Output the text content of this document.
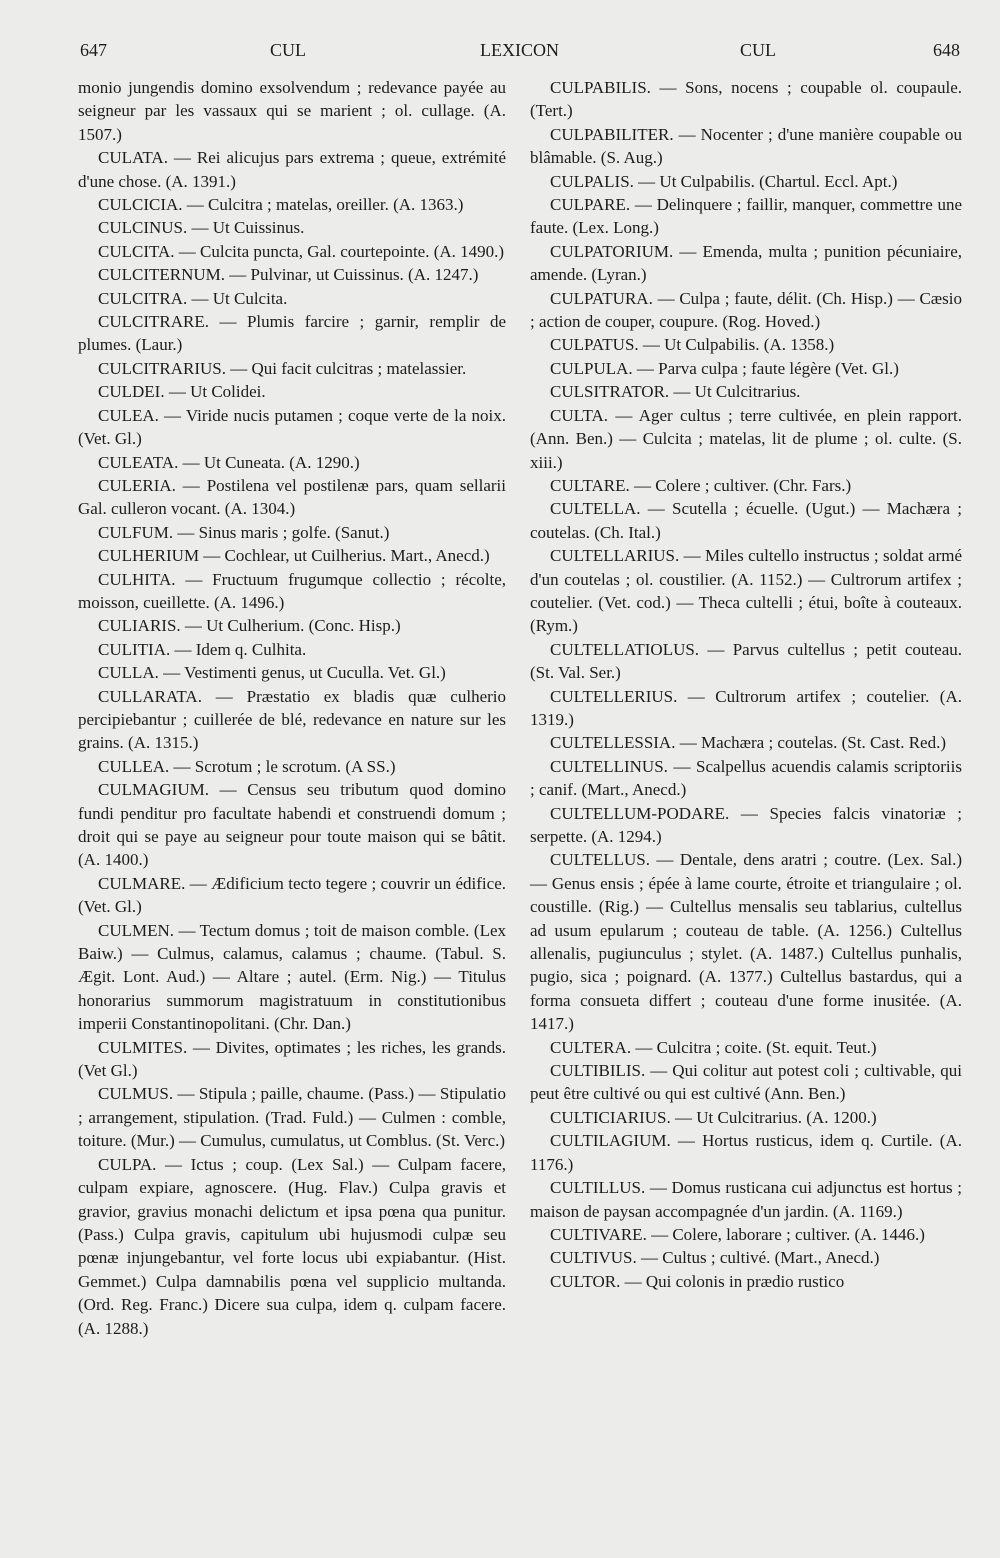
647	CUL	LEXICON	CUL	648

monio jungendis domino exsolvendum ; redevance payée au seigneur par les vassaux qui se marient ; ol. cullage. (A. 1507.)

CULATA. — Rei alicujus pars extrema ; queue, extrémité d'une chose. (A. 1391.)

CULCICIA. — Culcitra ; matelas, oreiller. (A. 1363.)

CULCINUS. — Ut Cuissinus.

CULCITA. — Culcita puncta, Gal. courtepointe. (A. 1490.)

CULCITERNUM. — Pulvinar, ut Cuissinus. (A. 1247.)

CULCITRA. — Ut Culcita.

CULCITRARE. — Plumis farcire ; garnir, remplir de plumes. (Laur.)

CULCITRARIUS. — Qui facit culcitras ; matelassier.

CULDEI. — Ut Colidei.

CULEA. — Viride nucis putamen ; coque verte de la noix. (Vet. Gl.)

CULEATA. — Ut Cuneata. (A. 1290.)

CULERIA. — Postilena vel postilenæ pars, quam sellarii Gal. culleron vocant. (A. 1304.)

CULFUM. — Sinus maris ; golfe. (Sanut.)

CULHERIUM — Cochlear, ut Cuilherius. Mart., Anecd.)

CULHITA. — Fructuum frugumque collectio ; récolte, moisson, cueillette. (A. 1496.)

CULIARIS. — Ut Culherium. (Conc. Hisp.)

CULITIA. — Idem q. Culhita.

CULLA. — Vestimenti genus, ut Cuculla. Vet. Gl.)

CULLARATA. — Præstatio ex bladis quæ culherio percipiebantur ; cuillerée de blé, redevance en nature sur les grains. (A. 1315.)

CULLEA. — Scrotum ; le scrotum. (A SS.)

CULMAGIUM. — Census seu tributum quod domino fundi penditur pro facultate habendi et construendi domum ; droit qui se paye au seigneur pour toute maison qui se bâtit. (A. 1400.)

CULMARE. — Ædificium tecto tegere ; couvrir un édifice. (Vet. Gl.)

CULMEN. — Tectum domus ; toit de maison comble. (Lex Baiw.) — Culmus, calamus, calamus ; chaume. (Tabul. S. Ægit. Lont. Aud.) — Altare ; autel. (Erm. Nig.) — Titulus honorarius summorum magistratuum in constitutionibus imperii Constantinopolitani. (Chr. Dan.)

CULMITES. — Divites, optimates ; les riches, les grands. (Vet Gl.)

CULMUS. — Stipula ; paille, chaume. (Pass.) — Stipulatio ; arrangement, stipulation. (Trad. Fuld.) — Culmen : comble, toiture. (Mur.) — Cumulus, cumulatus, ut Comblus. (St. Verc.)

CULPA. — Ictus ; coup. (Lex Sal.) — Culpam facere, culpam expiare, agnoscere. (Hug. Flav.) Culpa gravis et gravior, gravius monachi delictum et ipsa pœna qua punitur. (Pass.) Culpa gravis, capitulum ubi hujusmodi culpæ seu pœnæ injungebantur, vel forte locus ubi expiabantur. (Hist. Gemmet.) Culpa damnabilis pœna vel supplicio multanda. (Ord. Reg. Franc.) Dicere sua culpa, idem q. culpam facere. (A. 1288.)

CULPABILIS. — Sons, nocens ; coupable ol. coupaule. (Tert.)

CULPABILITER. — Nocenter ; d'une manière coupable ou blâmable. (S. Aug.)

CULPALIS. — Ut Culpabilis. (Chartul. Eccl. Apt.)

CULPARE. — Delinquere ; faillir, manquer, commettre une faute. (Lex. Long.)

CULPATORIUM. — Emenda, multa ; punition pécuniaire, amende. (Lyran.)

CULPATURA. — Culpa ; faute, délit. (Ch. Hisp.) — Cæsio ; action de couper, coupure. (Rog. Hoved.)

CULPATUS. — Ut Culpabilis. (A. 1358.)

CULPULA. — Parva culpa ; faute légère (Vet. Gl.)

CULSITRATOR. — Ut Culcitrarius.

CULTA. — Ager cultus ; terre cultivée, en plein rapport. (Ann. Ben.) — Culcita ; matelas, lit de plume ; ol. culte. (S. xiii.)

CULTARE. — Colere ; cultiver. (Chr. Fars.)

CULTELLA. — Scutella ; écuelle. (Ugut.) — Machæra ; coutelas. (Ch. Ital.)

CULTELLARIUS. — Miles cultello instructus ; soldat armé d'un coutelas ; ol. coustilier. (A. 1152.) — Cultrorum artifex ; coutelier. (Vet. cod.) — Theca cultelli ; étui, boîte à couteaux. (Rym.)

CULTELLATIOLUS. — Parvus cultellus ; petit couteau. (St. Val. Ser.)

CULTELLERIUS. — Cultrorum artifex ; coutelier. (A. 1319.)

CULTELLESSIA. — Machæra ; coutelas. (St. Cast. Red.)

CULTELLINUS. — Scalpellus acuendis calamis scriptoriis ; canif. (Mart., Anecd.)

CULTELLUM-PODARE. — Species falcis vinatoriæ ; serpette. (A. 1294.)

CULTELLUS. — Dentale, dens aratri ; coutre. (Lex. Sal.) — Genus ensis ; épée à lame courte, étroite et triangulaire ; ol. coustille. (Rig.) — Cultellus mensalis seu tablarius, cultellus ad usum epularum ; couteau de table. (A. 1256.) Cultellus allenalis, pugiunculus ; stylet. (A. 1487.) Cultellus punhalis, pugio, sica ; poignard. (A. 1377.) Cultellus bastardus, qui a forma consueta differt ; couteau d'une forme inusitée. (A. 1417.)

CULTERA. — Culcitra ; coite. (St. equit. Teut.)

CULTIBILIS. — Qui colitur aut potest coli ; cultivable, qui peut être cultivé ou qui est cultivé (Ann. Ben.)

CULTICIARIUS. — Ut Culcitrarius. (A. 1200.)

CULTILAGIUM. — Hortus rusticus, idem q. Curtile. (A. 1176.)

CULTILLUS. — Domus rusticana cui adjunctus est hortus ; maison de paysan accompagnée d'un jardin. (A. 1169.)

CULTIVARE. — Colere, laborare ; cultiver. (A. 1446.)

CULTIVUS. — Cultus ; cultivé. (Mart., Anecd.)

CULTOR. — Qui colonis in prædio rustico
